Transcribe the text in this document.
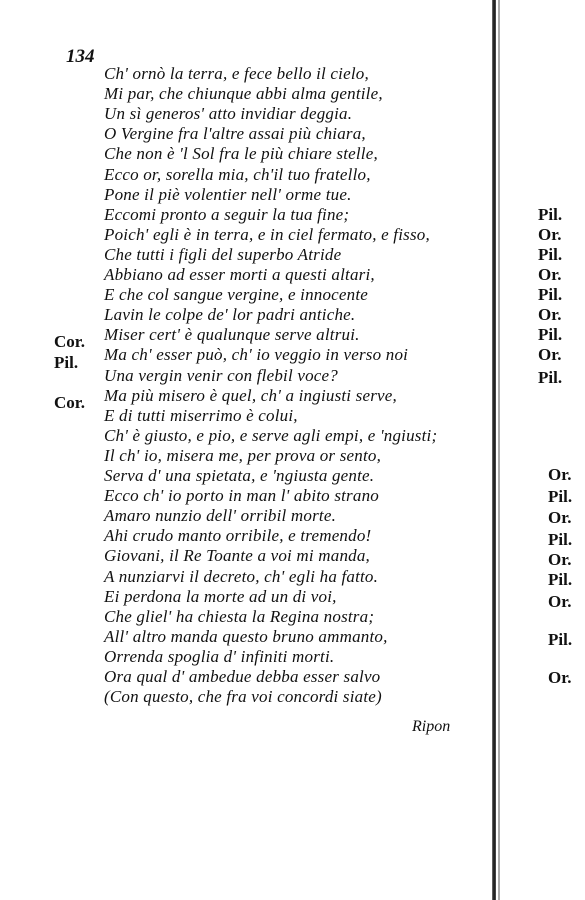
134
Cor.
Pil.
Cor.
Ch' ornò la terra, e fece bello il cielo,
Mi par, che chiunque abbi alma gentile,
Un sì generos' atto invidiar deggia.
O Vergine fra l'altre assai più chiara,
Che non è 'l Sol fra le più chiare stelle,
Ecco or, sorella mia, ch'il tuo fratello,
Pone il piè volentier nell' orme tue.
Eccomi pronto a seguir la tua fine;
Poich' egli è in terra, e in ciel fermato, e fisso,
Che tutti i figli del superbo Atride
Abbiano ad esser morti a questi altari,
E che col sangue vergine, e innocente
Lavin le colpe de' lor padri antiche.
Miser cert' è qualunque serve altrui.
Ma ch' esser può, ch' io veggio in verso noi
Una vergin venir con flebil voce?
Ma più misero è quel, ch' a ingiusti serve,
E di tutti miserrimo è colui,
Ch' è giusto, e pio, e serve agli empi, e 'ngiusti;
Il ch' io, misera me, per prova or sento,
Serva d' una spietata, e 'ngiusta gente.
Ecco ch' io porto in man l' abito strano
Amaro nunzio dell' orribil morte.
Ahi crudo manto orribile, e tremendo!
Giovani, il Re Toante a voi mi manda,
A nunziarvi il decreto, ch' egli ha fatto.
Ei perdona la morte ad un di voi,
Che gliel' ha chiesta la Regina nostra;
All' altro manda questo bruno ammanto,
Orrenda spoglia d' infiniti morti.
Ora qual d' ambedue debba esser salvo
(Con questo, che fra voi concordi siate)
Ripon
Pil.
Or.
Pil.
Or.
Pil.
Or.
Pil.
Or.
Pil.
Or.
Pil.
Or.
Pil.
Or.
Pil.
Or.
Pil.
Or.
